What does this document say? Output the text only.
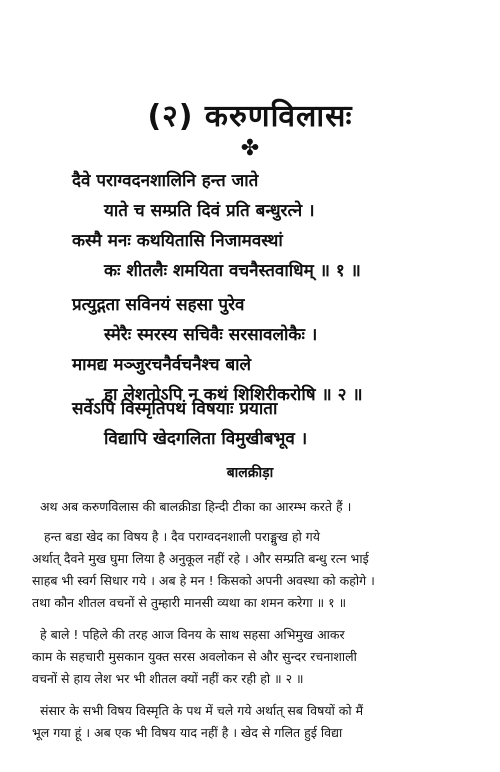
(२) करुणविलासः
✤
दैवे पराग्वदनशालिनि हन्त जाते
याते च सम्प्रति दिवं प्रति बन्धुरत्ने ।
कस्मै मनः कथयितासि निजामवस्थां
कः शीतलैः शमयिता वचनैस्तवाधिम् ॥ १ ॥
प्रत्युद्गता सविनयं सहसा पुरेव
स्मेरैः स्मरस्य सचिवैः सरसावलोकैः ।
मामद्य मञ्जुरचनैर्वचनैश्च बाले
हा लेशतोऽपि न कथं शिशिरीकरोषि ॥ २ ॥
सर्वेऽपि विस्मृतिपथं विषयाः प्रयाता
विद्यापि खेदगलिता विमुखीबभूव ।
बालक्रीड़ा
अथ अब करुणविलास की बालक्रीडा हिन्दी टीका का आरम्भ करते हैं ।
हन्त बडा खेद का विषय है । दैव पराग्वदनशाली पराङ्मुख हो गये
अर्थात् दैवने मुख घुमा लिया है अनुकूल नहीं रहे । और सम्प्रति बन्धु रत्न भाई
साहब भी स्वर्ग सिधार गये । अब हे मन ! किसको अपनी अवस्था को कहोगे ।
तथा कौन शीतल वचनों से तुम्हारी मानसी व्यथा का शमन करेगा ॥ १ ॥
हे बाले ! पहिले की तरह आज विनय के साथ सहसा अभिमुख आकर
काम के सहचारी मुसकान युक्त सरस अवलोकन से और सुन्दर रचनाशाली
वचनों से हाय लेश भर भी शीतल क्यों नहीं कर रही हो ॥ २ ॥
संसार के सभी विषय विस्मृति के पथ में चले गये अर्थात् सब विषयों को मैं
भूल गया हूं । अब एक भी विषय याद नहीं है । खेद से गलित हुई विद्या
